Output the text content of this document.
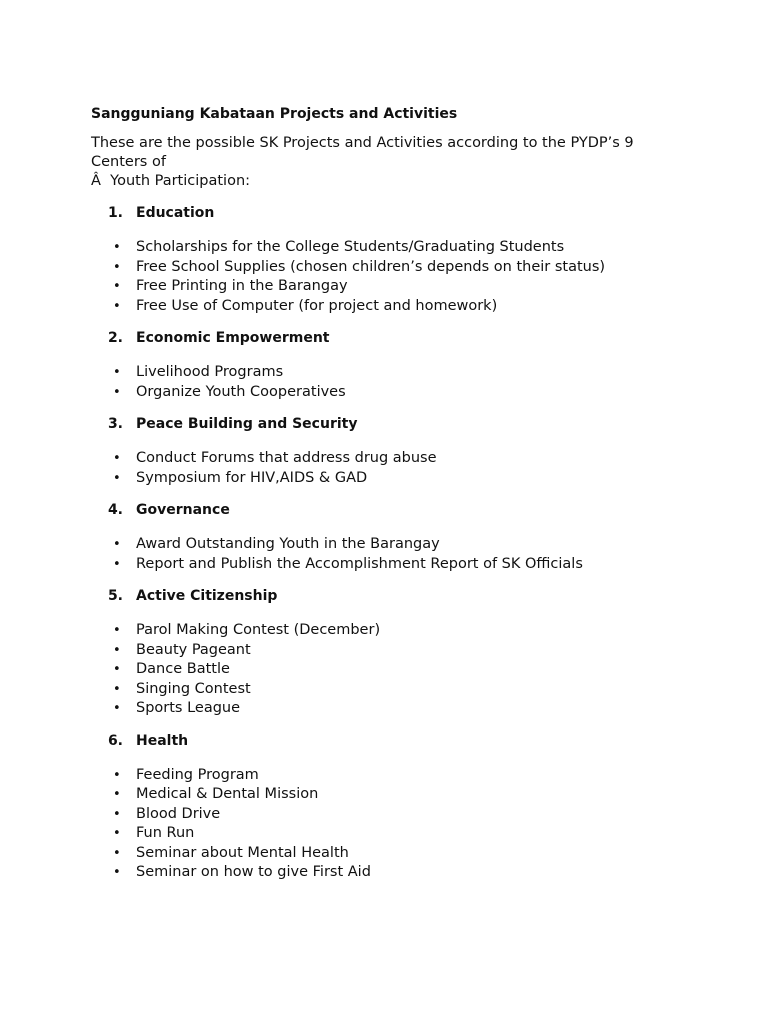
Sangguniang Kabataan Projects and Activities

These are the possible SK Projects and Activities according to the PYDP’s 9 Centers of
Â  Youth Participation:

1. Education
•	Scholarships for the College Students/Graduating Students
•	Free School Supplies (chosen children’s depends on their status)
•	Free Printing in the Barangay
•	Free Use of Computer (for project and homework)
2. Economic Empowerment
•	Livelihood Programs
•	Organize Youth Cooperatives
3. Peace Building and Security
•	Conduct Forums that address drug abuse
•	Symposium for HIV,AIDS & GAD
4. Governance
•	Award Outstanding Youth in the Barangay
•	Report and Publish the Accomplishment Report of SK Officials
5. Active Citizenship
•	Parol Making Contest (December)
•	Beauty Pageant
•	Dance Battle
•	Singing Contest
•	Sports League
6. Health
•	Feeding Program
•	Medical & Dental Mission
•	Blood Drive
•	Fun Run
•	Seminar about Mental Health
•	Seminar on how to give First Aid
